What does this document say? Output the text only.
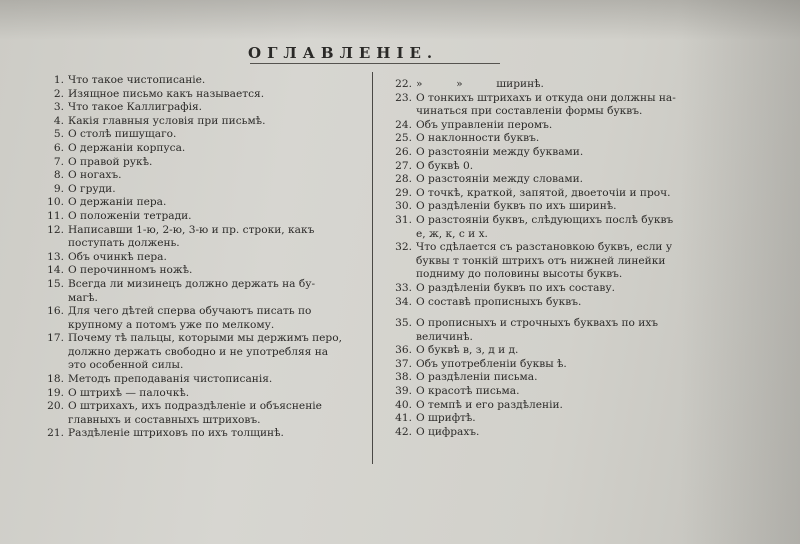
ОГЛАВЛЕНIЕ.
1. Что такое чистописанiе.
2. Изящное письмо какъ называется.
3. Что такое Каллиграфiя.
4. Какiя главныя условiя при письмѣ.
5. О столѣ пишущаго.
6. О держанiи корпуса.
7. О правой рукѣ.
8. О ногахъ.
9. О груди.
10. О держанiи пера.
11. О положенiи тетради.
12. Написавши 1-ю, 2-ю, 3-ю и пр. строки, какъ
поступать должень.
13. Объ очинкѣ пера.
14. О перочинномъ ножѣ.
15. Всегда ли мизинецъ должно держать на бу-
магѣ.
16. Для чего дѣтей сперва обучаютъ писать по
крупному а потомъ уже по мелкому.
17. Почему тѣ пальцы, которыми мы держимъ перо,
должно держать свободно и не употребляя на
это особенной силы.
18. Методъ преподаванiя чистописанiя.
19. О штрихѣ — палочкѣ.
20. О штрихахъ, ихъ подраздѣленiе и объясненiе
главныхъ и составныхъ штриховъ.
21. Раздѣленiе штриховъ по ихъ толщинѣ.
22. »          »          ширинѣ.
23. О тонкихъ штрихахъ и откуда они должны на-
чинаться при составленiи формы буквъ.
24. Объ управленiи перомъ.
25. О наклонности буквъ.
26. О разстоянiи между буквами.
27. О буквѣ 0.
28. О разстоянiи между словами.
29. О точкѣ, краткой, запятой, двоеточiи и проч.
30. О раздѣленiи буквъ по ихъ ширинѣ.
31. О разстоянiи буквъ, слѣдующихъ послѣ буквъ
е, ж, к, с и х.
32. Что сдѣлается съ разстановкою буквъ, если у
буквы т тонкiй штрихъ отъ нижней линейки
подниму до половины высоты буквъ.
33. О раздѣленiи буквъ по ихъ составу.
34. О составѣ прописныхъ буквъ.
35. О прописныхъ и строчныхъ буквахъ по ихъ
величинѣ.
36. О буквѣ в, з, д и д.
37. Объ употребленiи буквы ѣ.
38. О раздѣленiи письма.
39. О красотѣ письма.
40. О темпѣ и его раздѣленiи.
41. О шрифтѣ.
42. О цифрахъ.
